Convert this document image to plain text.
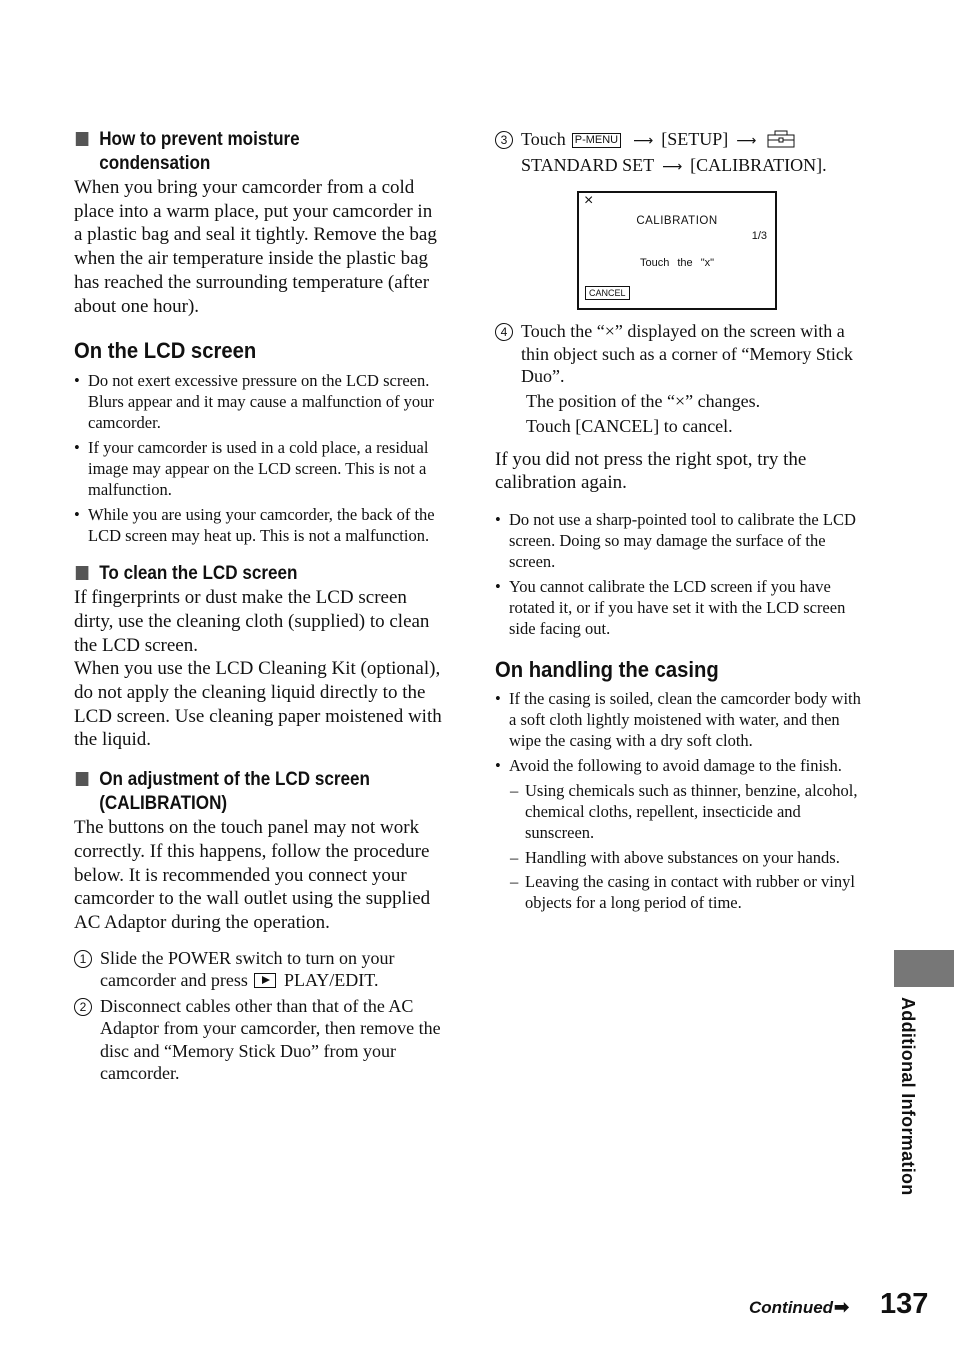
How to prevent moisture condensation

When you bring your camcorder from a cold place into a warm place, put your camcorder in a plastic bag and seal it tightly. Remove the bag when the air temperature inside the plastic bag has reached the surrounding temperature (after about one hour).

On the LCD screen
• Do not exert excessive pressure on the LCD screen. Blurs appear and it may cause a malfunction of your camcorder.
• If your camcorder is used in a cold place, a residual image may appear on the LCD screen. This is not a malfunction.
• While you are using your camcorder, the back of the LCD screen may heat up. This is not a malfunction.
To clean the LCD screen

If fingerprints or dust make the LCD screen dirty, use the cleaning cloth (supplied) to clean the LCD screen.

When you use the LCD Cleaning Kit (optional), do not apply the cleaning liquid directly to the LCD screen. Use cleaning paper moistened with the liquid.

On adjustment of the LCD screen
(CALIBRATION)

The buttons on the touch panel may not work correctly. If this happens, follow the procedure below. It is recommended you connect your camcorder to the wall outlet using the supplied AC Adaptor during the operation.

1 Slide the POWER switch to turn on your camcorder and press PLAY/EDIT.
2 Disconnect cables other than that of the AC Adaptor from your camcorder, then remove the disc and “Memory Stick Duo” from your camcorder.
3 Touch P-MENU ⟶ [SETUP] ⟶
STANDARD SET ⟶ [CALIBRATION].
×
CALIBRATION
1/3
Touch the "x"
CANCEL
4 Touch the “×” displayed on the screen with a thin object such as a corner of “Memory Stick Duo”.
The position of the “×” changes.
Touch [CANCEL] to cancel.

If you did not press the right spot, try the calibration again.

• Do not use a sharp-pointed tool to calibrate the LCD screen. Doing so may damage the surface of the screen.
• You cannot calibrate the LCD screen if you have rotated it, or if you have set it with the LCD screen side facing out.
On handling the casing
• If the casing is soiled, clean the camcorder body with a soft cloth lightly moistened with water, and then wipe the casing with a dry soft cloth.
• Avoid the following to avoid damage to the finish.
– Using chemicals such as thinner, benzine, alcohol, chemical cloths, repellent, insecticide and sunscreen.
– Handling with above substances on your hands.
– Leaving the casing in contact with rubber or vinyl objects for a long period of time.
Additional Information
Continued ➡ 137
